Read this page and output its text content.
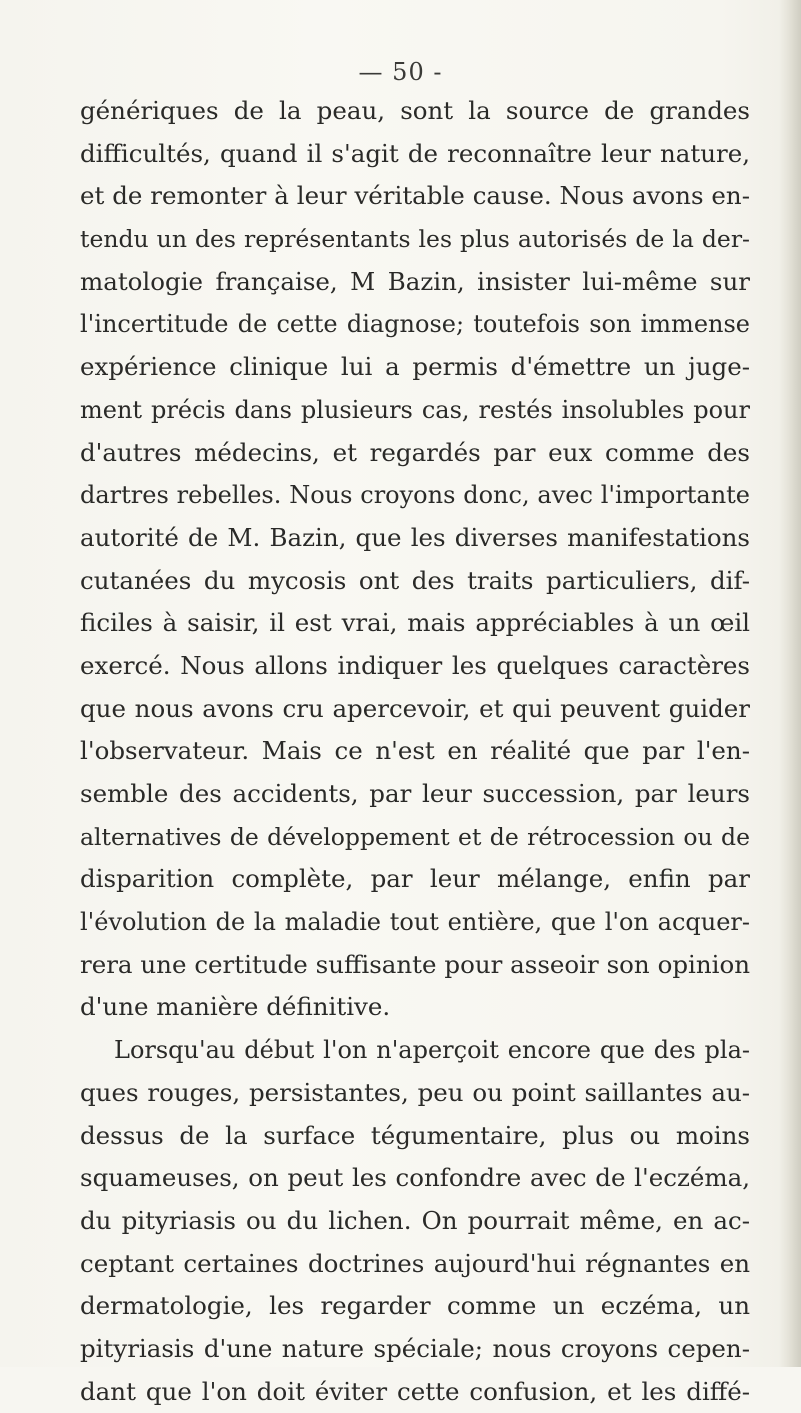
— 50 -
génériques de la peau, sont la source de grandes
difficultés, quand il s'agit de reconnaître leur nature,
et de remonter à leur véritable cause. Nous avons en-
tendu un des représentants les plus autorisés de la der-
matologie française, M Bazin, insister lui-même sur
l'incertitude de cette diagnose; toutefois son immense
expérience clinique lui a permis d'émettre un juge-
ment précis dans plusieurs cas, restés insolubles pour
d'autres médecins, et regardés par eux comme des
dartres rebelles. Nous croyons donc, avec l'importante
autorité de M. Bazin, que les diverses manifestations
cutanées du mycosis ont des traits particuliers, dif-
ficiles à saisir, il est vrai, mais appréciables à un œil
exercé. Nous allons indiquer les quelques caractères
que nous avons cru apercevoir, et qui peuvent guider
l'observateur. Mais ce n'est en réalité que par l'en-
semble des accidents, par leur succession, par leurs
alternatives de développement et de rétrocession ou de
disparition complète, par leur mélange, enfin par
l'évolution de la maladie tout entière, que l'on acquer-
rera une certitude suffisante pour asseoir son opinion
d'une manière définitive.
Lorsqu'au début l'on n'aperçoit encore que des pla-
ques rouges, persistantes, peu ou point saillantes au-
dessus de la surface tégumentaire, plus ou moins
squameuses, on peut les confondre avec de l'eczéma,
du pityriasis ou du lichen. On pourrait même, en ac-
ceptant certaines doctrines aujourd'hui régnantes en
dermatologie, les regarder comme un eczéma, un
pityriasis d'une nature spéciale; nous croyons cepen-
dant que l'on doit éviter cette confusion, et les diffé-
